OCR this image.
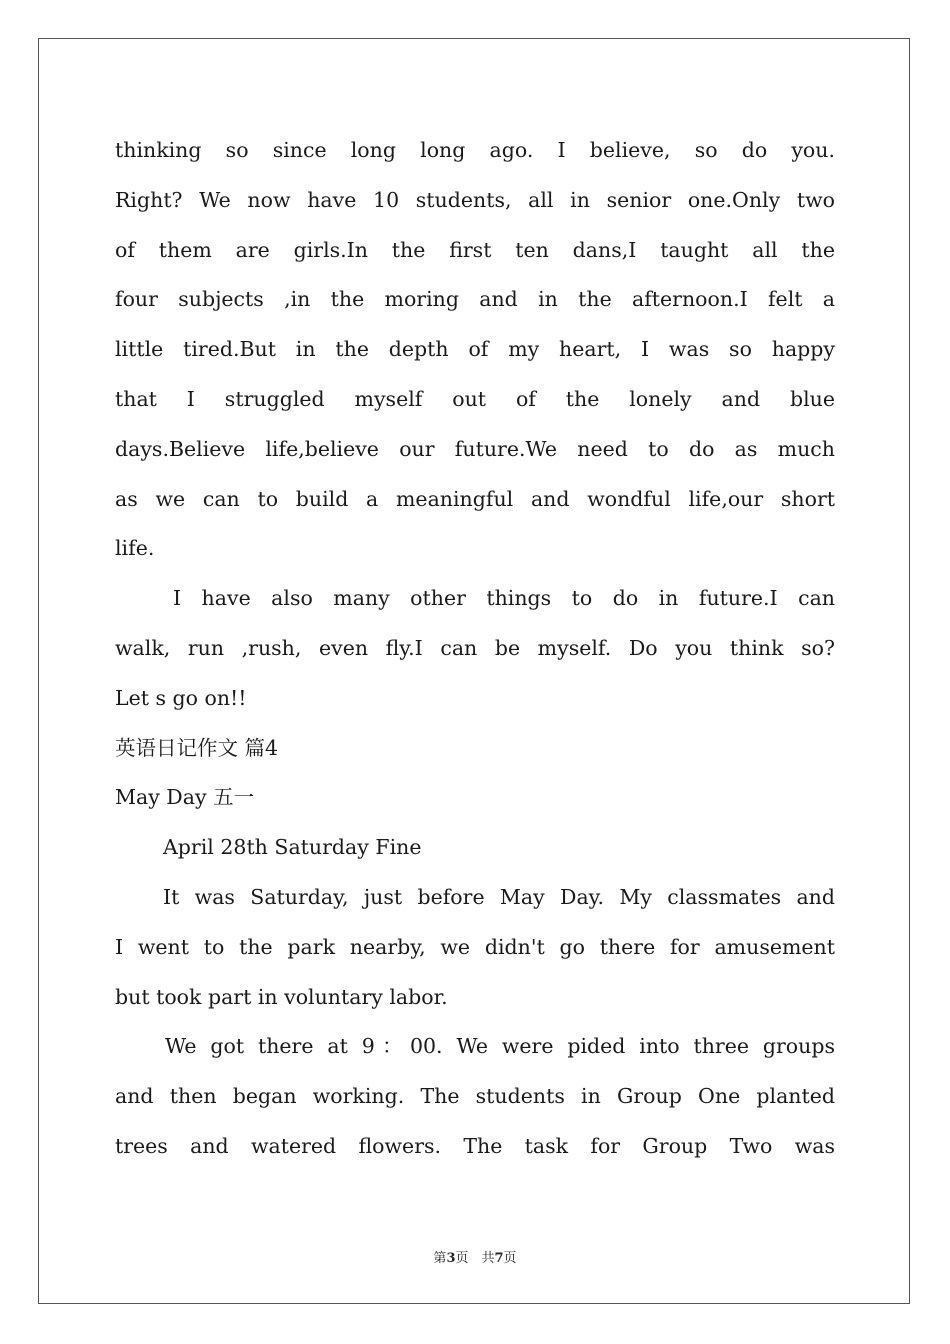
thinking so since long long ago. I believe, so do you.
Right? We now have 10 students, all in senior one.Only two
of them are girls.In the first ten dans,I taught all the
four subjects ,in the moring and in the afternoon.I felt a
little tired.But in the depth of my heart, I was so happy
that I struggled myself out of the lonely and blue
days.Believe life,believe our future.We need to do as much
as we can to build a meaningful and wondful life,our short
life.
I have also many other things to do in future.I can
walk, run ,rush, even fly.I can be myself. Do you think so?
Let s go on!!
英语日记作文 篇4
May Day 五一
April 28th Saturday Fine
It was Saturday, just before May Day. My classmates and
I went to the park nearby, we didn't go there for amusement
but took part in voluntary labor.
We got there at 9：00. We were pided into three groups
and then began working. The students in Group One planted
trees and watered flowers. The task for Group Two was
第3页　共7页
